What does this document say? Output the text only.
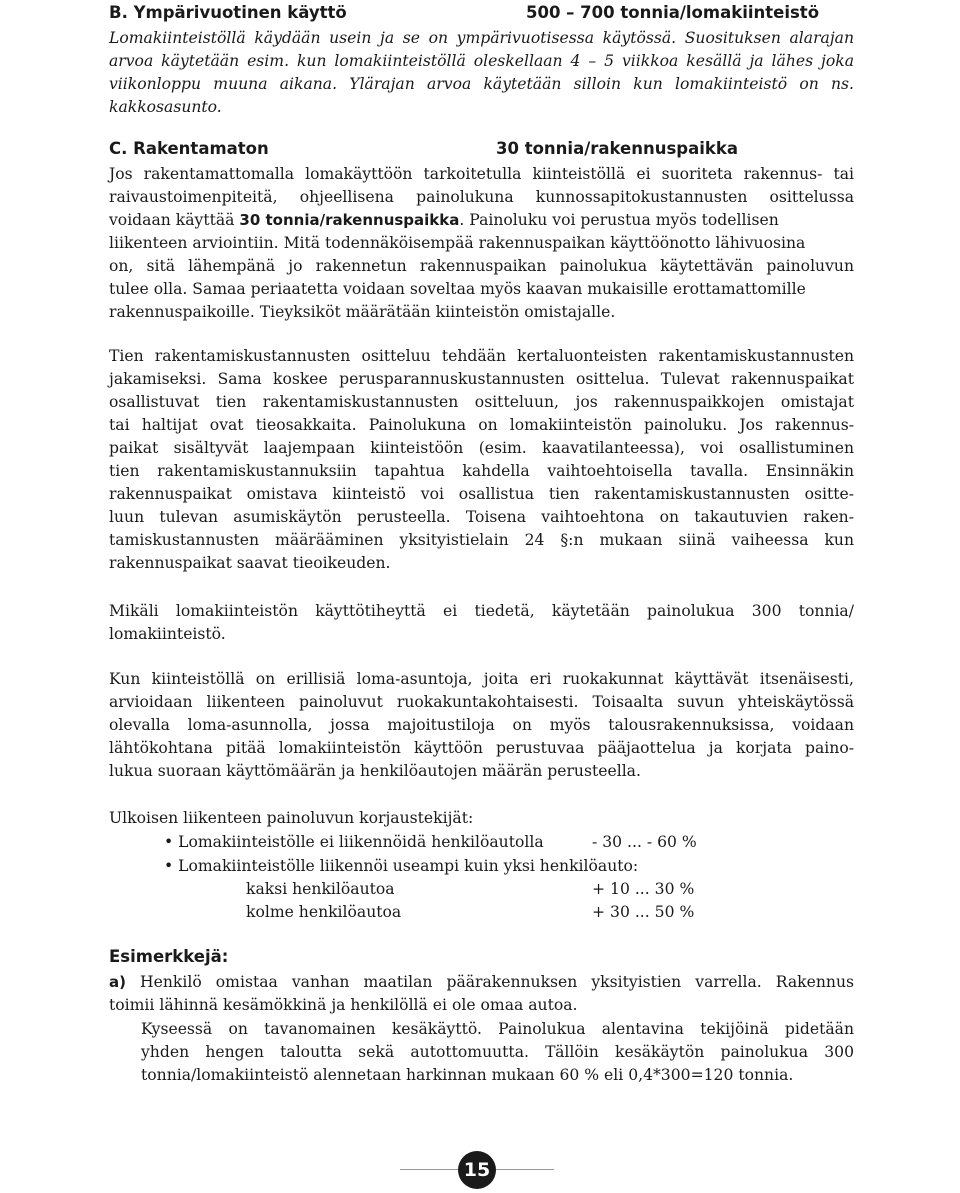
B. Ympärivuotinen käyttö	500 – 700 tonnia/lomakiinteistö
Lomakiinteistöllä käydään usein ja se on ympärivuotisessa käytössä. Suosituksen alarajan
arvoa käytetään esim. kun lomakiinteistöllä oleskellaan 4 – 5 viikkoa kesällä ja lähes joka
viikonloppu muuna aikana. Ylärajan arvoa käytetään silloin kun lomakiinteistö on ns.
kakkosasunto.
C. Rakentamaton	30 tonnia/rakennuspaikka
Jos rakentamattomalla lomakäyttöön tarkoitetulla kiinteistöllä ei suoriteta rakennus- tai
raivaustoimenpiteitä, ohjeellisena painolukuna kunnossapitokustannusten osittelussa
voidaan käyttää 30 tonnia/rakennuspaikka. Painoluku voi perustua myös todellisen
liikenteen arviointiin. Mitä todennäköisempää rakennuspaikan käyttöönotto lähivuosina
on, sitä lähempänä jo rakennetun rakennuspaikan painolukua käytettävän painoluvun
tulee olla. Samaa periaatetta voidaan soveltaa myös kaavan mukaisille erottamattomille
rakennuspaikoille. Tieyksiköt määrätään kiinteistön omistajalle.
Tien rakentamiskustannusten ositteluu tehdään kertaluonteisten rakentamiskustannusten
jakamiseksi. Sama koskee perusparannuskustannusten osittelua. Tulevat rakennuspaikat
osallistuvat tien rakentamiskustannusten ositteluun, jos rakennuspaikkojen omistajat
tai haltijat ovat tieosakkaita. Painolukuna on lomakiinteistön painoluku. Jos rakennus-
paikat sisältyvät laajempaan kiinteistöön (esim. kaavatilanteessa), voi osallistuminen
tien rakentamiskustannuksiin tapahtua kahdella vaihtoehtoisella tavalla. Ensinnäkin
rakennuspaikat omistava kiinteistö voi osallistua tien rakentamiskustannusten ositte-
luun tulevan asumiskäytön perusteella. Toisena vaihtoehtona on takautuvien raken-
tamiskustannusten määrääminen yksityistielain 24 §:n mukaan siinä vaiheessa kun
rakennuspaikat saavat tieoikeuden.
Mikäli lomakiinteistön käyttötiheyttä ei tiedetä, käytetään painolukua 300 tonnia/
lomakiinteistö.
Kun kiinteistöllä on erillisiä loma-asuntoja, joita eri ruokakunnat käyttävät itsenäisesti,
arvioidaan liikenteen painoluvut ruokakuntakohtaisesti. Toisaalta suvun yhteiskäytössä
olevalla loma-asunnolla, jossa majoitustiloja on myös talousrakennuksissa, voidaan
lähtökohtana pitää lomakiinteistön käyttöön perustuvaa pääjaottelua ja korjata paino-
lukua suoraan käyttömäärän ja henkilöautojen määrän perusteella.
Ulkoisen liikenteen painoluvun korjaustekijät:
• Lomakiinteistölle ei liikennöidä henkilöautolla	- 30 ... - 60 %
• Lomakiinteistölle liikennöi useampi kuin yksi henkilöauto:
kaksi henkilöautoa	+ 10 ... 30 %
kolme henkilöautoa	+ 30 ... 50 %
Esimerkkejä:
a) Henkilö omistaa vanhan maatilan päärakennuksen yksityistien varrella. Rakennus
toimii lähinnä kesämökkinä ja henkilöllä ei ole omaa autoa.
Kyseessä on tavanomainen kesäkäyttö. Painolukua alentavina tekijöinä pidetään
yhden hengen taloutta sekä autottomuutta. Tällöin kesäkäytön painolukua 300
tonnia/lomakiinteistö alennetaan harkinnan mukaan 60 % eli 0,4*300=120 tonnia.
15
